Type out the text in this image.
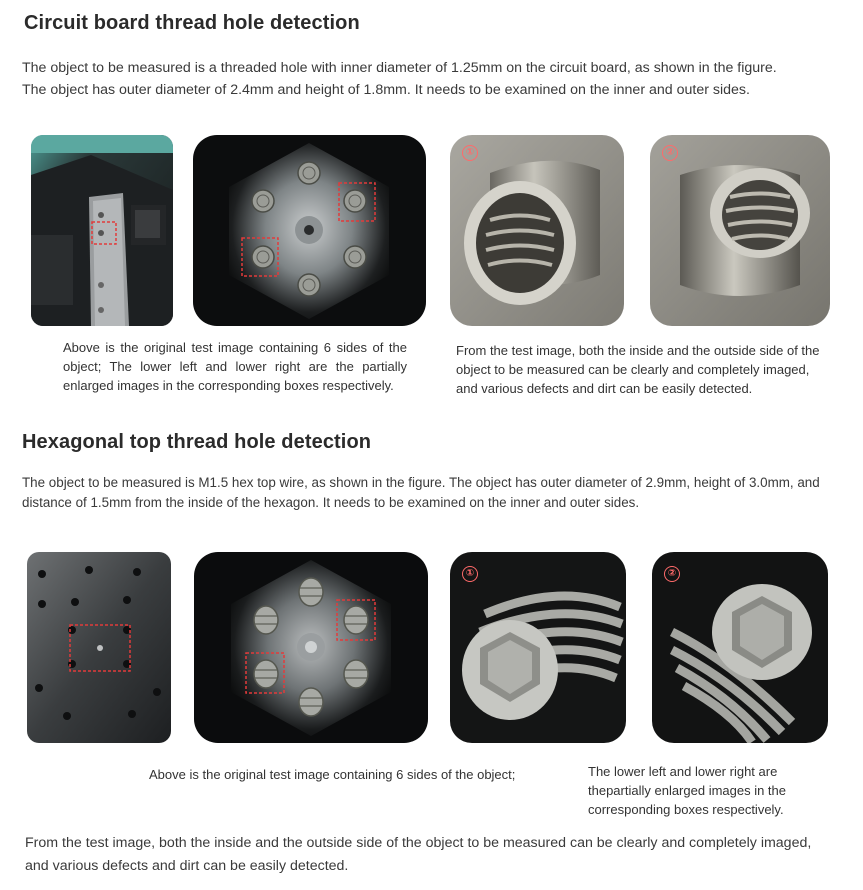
Circuit board thread hole detection

The object to be measured is a threaded hole with inner diameter of 1.25mm on the circuit board, as shown in the figure.

The object has outer diameter of 2.4mm and height of 1.8mm. It needs to be examined on the inner and outer sides.

①	②

Above is the original test image containing 6 sides of the object; The lower left and lower right are the partially enlarged images in the corresponding boxes respectively.

From the test image, both the inside and the outside side of the object to be measured can be clearly and completely imaged, and various defects and dirt can be easily detected.

Hexagonal top thread hole detection

The object to be measured is M1.5 hex top wire, as shown in the figure. The object has outer diameter of 2.9mm, height of 3.0mm, and

distance of 1.5mm from the inside of the hexagon. It needs to be examined on the inner and outer sides.

①	②

Above is the original test image containing 6 sides of the object;	The lower left and lower right are thepartially enlarged images in the corresponding boxes respectively.

From the test image, both the inside and the outside side of the object to be measured can be clearly and completely imaged, and various defects and dirt can be easily detected.
